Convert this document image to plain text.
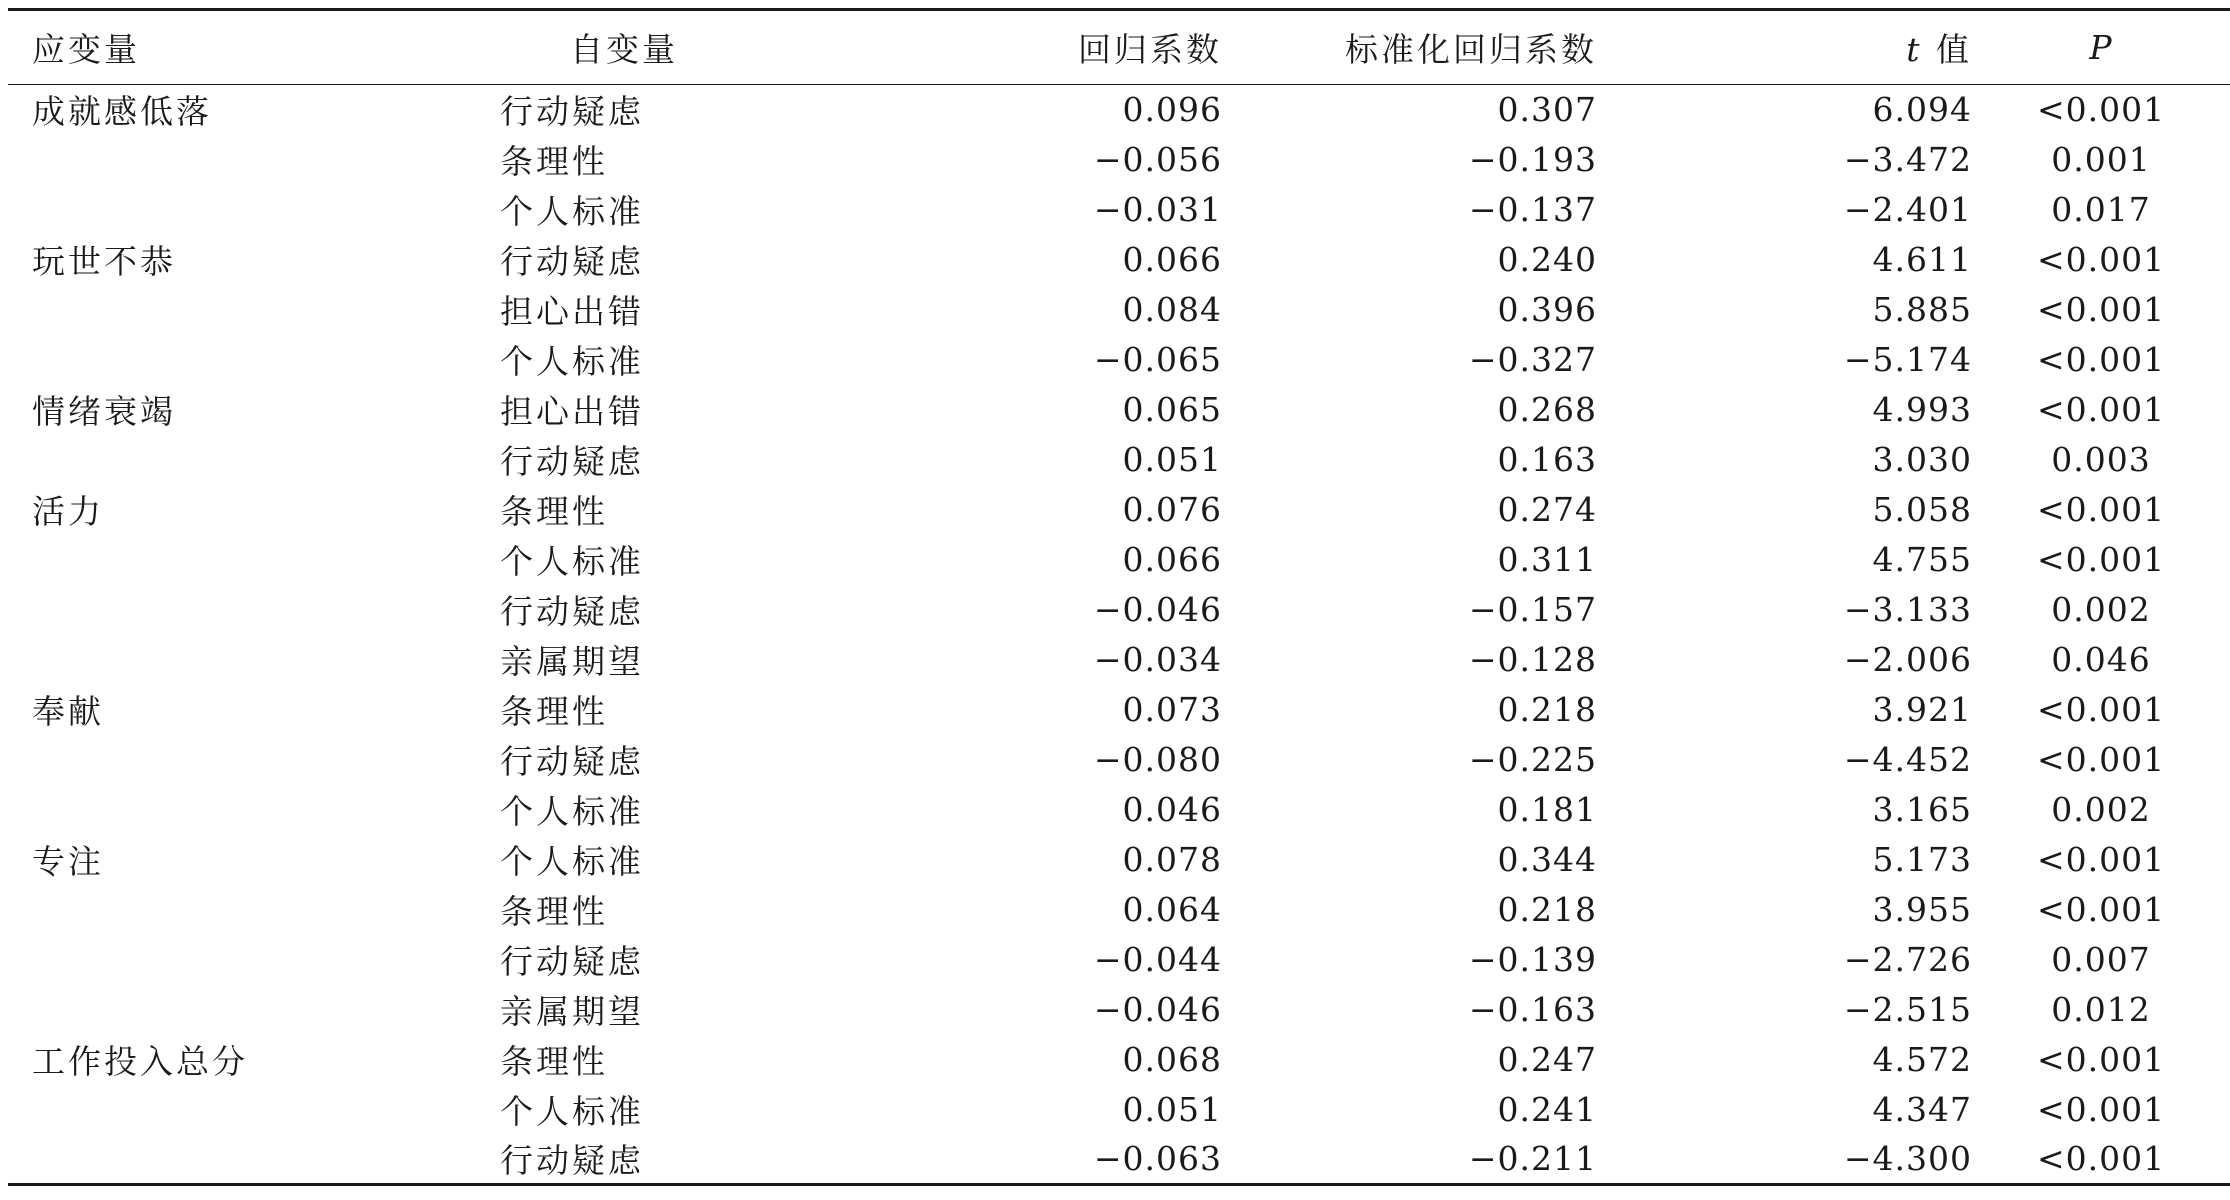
应变量	自变量	回归系数	标准化回归系数	t 值	P
成就感低落	行动疑虑	0.096	0.307	6.094	<0.001
	条理性	−0.056	−0.193	−3.472	0.001
	个人标准	−0.031	−0.137	−2.401	0.017
玩世不恭	行动疑虑	0.066	0.240	4.611	<0.001
	担心出错	0.084	0.396	5.885	<0.001
	个人标准	−0.065	−0.327	−5.174	<0.001
情绪衰竭	担心出错	0.065	0.268	4.993	<0.001
	行动疑虑	0.051	0.163	3.030	0.003
活力	条理性	0.076	0.274	5.058	<0.001
	个人标准	0.066	0.311	4.755	<0.001
	行动疑虑	−0.046	−0.157	−3.133	0.002
	亲属期望	−0.034	−0.128	−2.006	0.046
奉献	条理性	0.073	0.218	3.921	<0.001
	行动疑虑	−0.080	−0.225	−4.452	<0.001
	个人标准	0.046	0.181	3.165	0.002
专注	个人标准	0.078	0.344	5.173	<0.001
	条理性	0.064	0.218	3.955	<0.001
	行动疑虑	−0.044	−0.139	−2.726	0.007
	亲属期望	−0.046	−0.163	−2.515	0.012
工作投入总分	条理性	0.068	0.247	4.572	<0.001
	个人标准	0.051	0.241	4.347	<0.001
	行动疑虑	−0.063	−0.211	−4.300	<0.001
